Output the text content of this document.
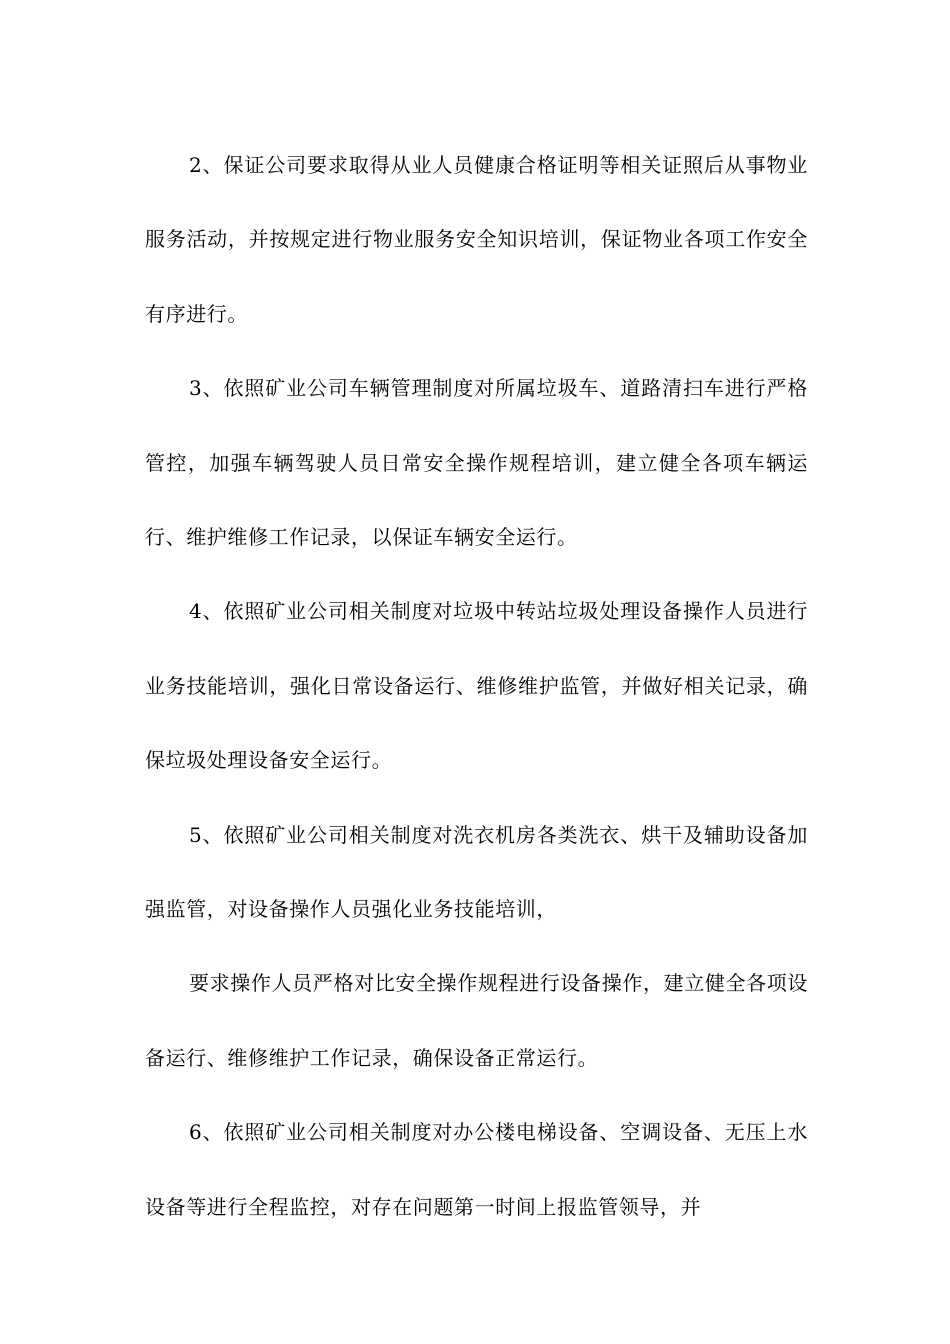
2、保证公司要求取得从业人员健康合格证明等相关证照后从事物业服务活动，并按规定进行物业服务安全知识培训，保证物业各项工作安全有序进行。

3、依照矿业公司车辆管理制度对所属垃圾车、道路清扫车进行严格管控，加强车辆驾驶人员日常安全操作规程培训，建立健全各项车辆运行、维护维修工作记录，以保证车辆安全运行。

4、依照矿业公司相关制度对垃圾中转站垃圾处理设备操作人员进行业务技能培训，强化日常设备运行、维修维护监管，并做好相关记录，确保垃圾处理设备安全运行。

5、依照矿业公司相关制度对洗衣机房各类洗衣、烘干及辅助设备加强监管，对设备操作人员强化业务技能培训，

要求操作人员严格对比安全操作规程进行设备操作，建立健全各项设备运行、维修维护工作记录，确保设备正常运行。

6、依照矿业公司相关制度对办公楼电梯设备、空调设备、无压上水设备等进行全程监控，对存在问题第一时间上报监管领导，并
